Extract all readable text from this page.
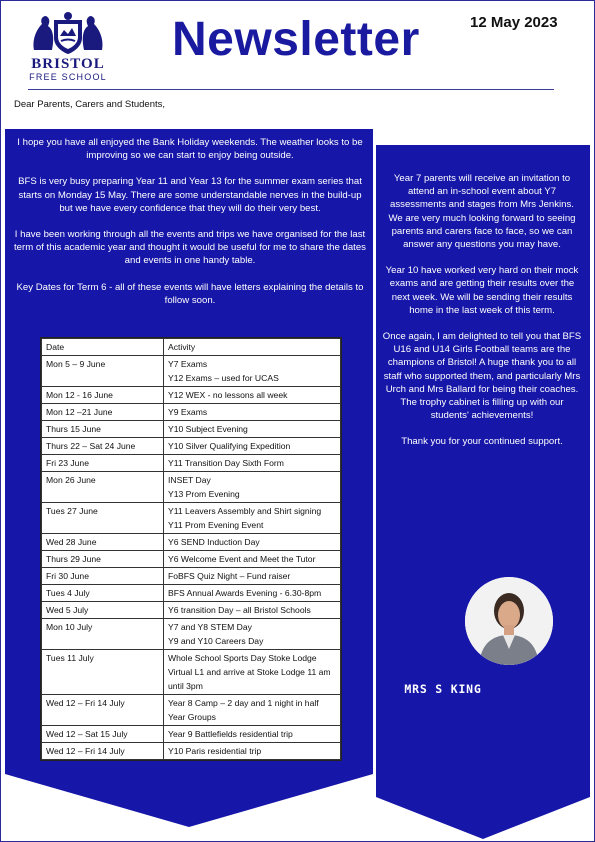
BRISTOL
FREE SCHOOL
Newsletter	12 May 2023
Dear Parents, Carers and Students,

I hope you have all enjoyed the Bank Holiday weekends. The weather looks to be improving so we can start to enjoy being outside.

BFS is very busy preparing Year 11 and Year 13 for the summer exam series that starts on Monday 15 May. There are some understandable nerves in the build-up but we have every confidence that they will do their very best.

I have been working through all the events and trips we have organised for the last term of this academic year and thought it would be useful for me to share the dates and events in one handy table.

Key Dates for Term 6 - all of these events will have letters explaining the details to follow soon.

Date	Activity
Mon 5 – 9 June	Y7 Exams
Y12 Exams – used for UCAS
Mon 12 - 16 June	Y12 WEX - no lessons all week
Mon 12 –21 June	Y9 Exams
Thurs 15 June	Y10 Subject Evening
Thurs 22 – Sat 24 June	Y10 Silver Qualifying Expedition
Fri 23 June	Y11 Transition Day Sixth Form
Mon 26 June	INSET Day
Y13 Prom Evening
Tues 27 June	Y11 Leavers Assembly and Shirt signing
Y11 Prom Evening Event
Wed 28 June	Y6 SEND Induction Day
Thurs 29 June	Y6 Welcome Event and Meet the Tutor
Fri 30 June	FoBFS Quiz Night – Fund raiser
Tues 4 July	BFS Annual Awards Evening - 6.30-8pm
Wed 5 July	Y6 transition Day – all Bristol Schools
Mon 10 July	Y7 and Y8 STEM Day
Y9 and Y10 Careers Day
Tues 11 July	Whole School Sports Day Stoke Lodge
Virtual L1 and arrive at Stoke Lodge 11 am until 3pm
Wed 12 – Fri 14 July	Year 8 Camp – 2 day and 1 night in half Year Groups
Wed 12 – Sat 15 July	Year 9 Battlefields residential trip
Wed 12 – Fri 14 July	Y10 Paris residential trip

Year 7 parents will receive an invitation to attend an in-school event about Y7 assessments and stages from Mrs Jenkins. We are very much looking forward to seeing parents and carers face to face, so we can answer any questions you may have.

Year 10 have worked very hard on their mock exams and are getting their results over the next week. We will be sending their results home in the last week of this term.

Once again, I am delighted to tell you that BFS U16 and U14 Girls Football teams are the champions of Bristol! A huge thank you to all staff who supported them, and particularly Mrs Urch and Mrs Ballard for being their coaches. The trophy cabinet is filling up with our students' achievements!

Thank you for your continued support.

MRS S KING
